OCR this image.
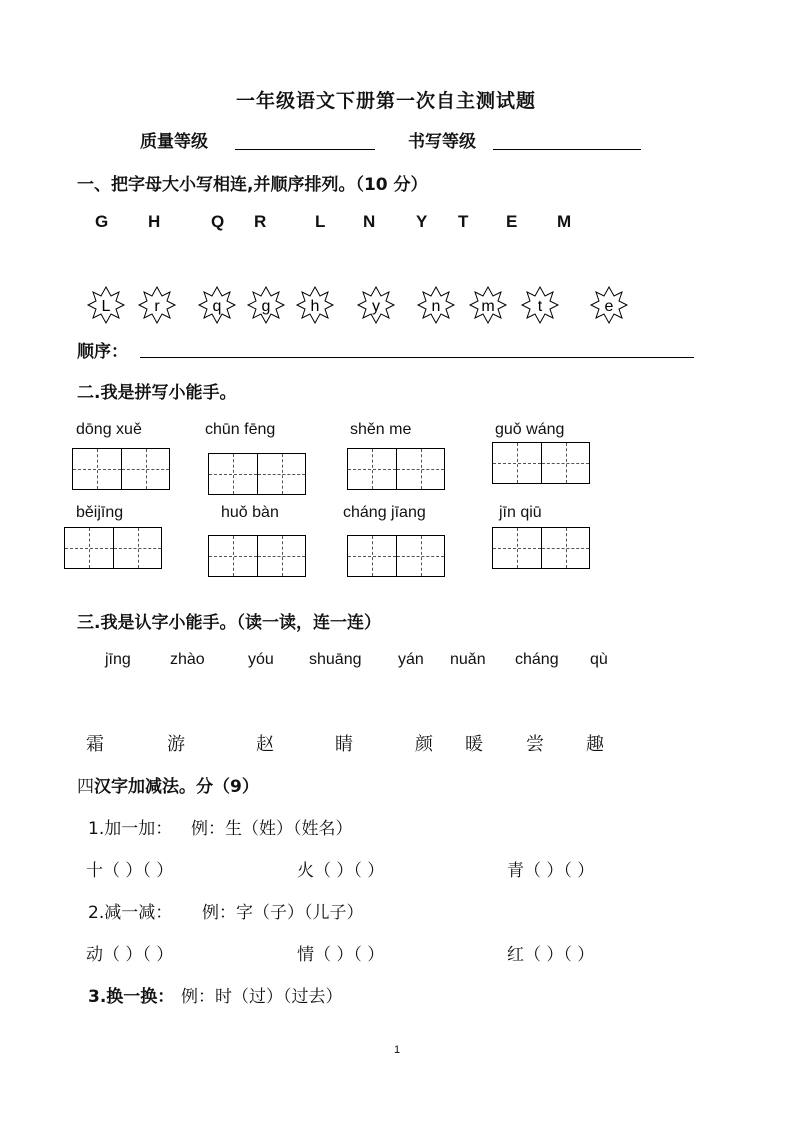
一年级语文下册第一次自主测试题
质量等级	书写等级
一、把字母大小写相连,并顺序排列。（10 分）
G H	Q R	L N Y T E M
L	r	q	g	h	y	n	m	t	e
顺序：
二.我是拼写小能手。
dōng xuě	chūn fēng	shěn me	guǒ wáng
běijīng	huǒ bàn	cháng jīang	jīn qiū
三.我是认字小能手。（读一读，连一连）
jīng zhào	yóu shuāng yán nuǎn cháng qù
霜	游	赵	睛	颜 暖 尝 趣
四汉字加减法。分（9）
1.加一加： 例：生（姓）（姓名）
十（ ）（ ）	火（ ）（ ）	青（ ）（ ）
2.减一减： 例：字（子）（儿子）
动（ ）（ ）	情（ ）（ ）	红（ ）（ ）
3.换一换： 例：时（过）（过去）
1
